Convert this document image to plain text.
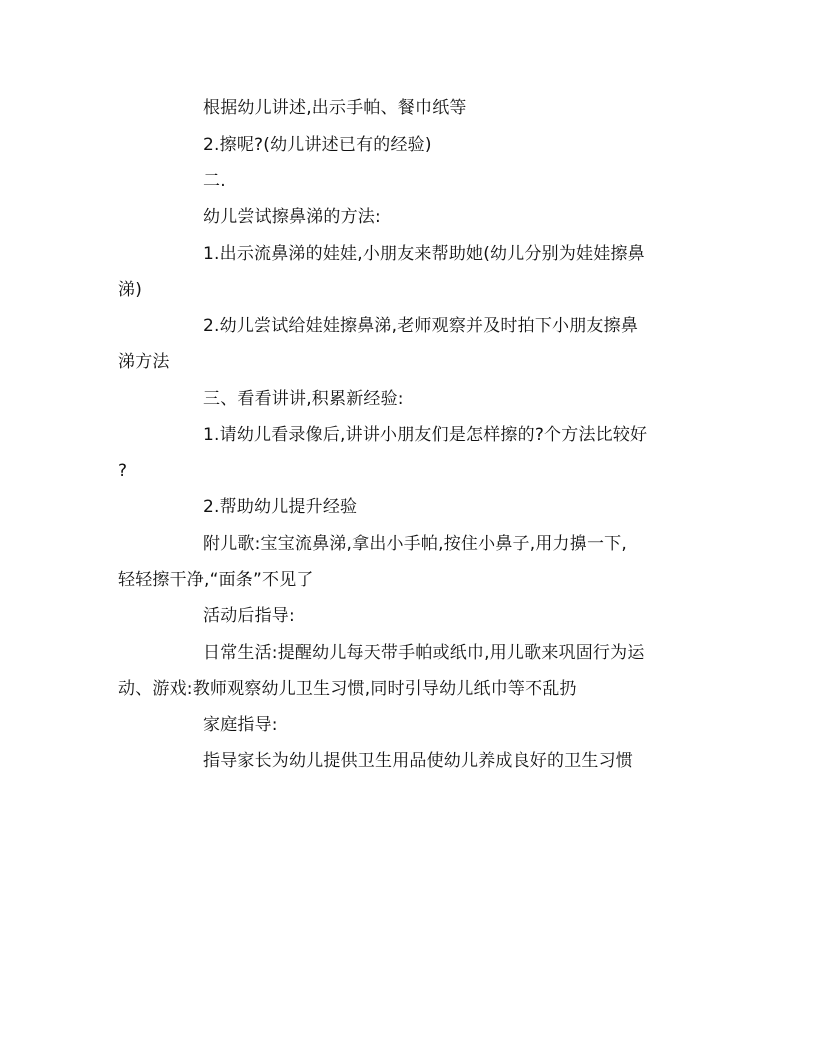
根据幼儿讲述,出示手帕、餐巾纸等
2.擦呢?(幼儿讲述已有的经验)
二.
幼儿尝试擦鼻涕的方法:
1.出示流鼻涕的娃娃,小朋友来帮助她(幼儿分别为娃娃擦鼻
涕)
2.幼儿尝试给娃娃擦鼻涕,老师观察并及时拍下小朋友擦鼻
涕方法
三、看看讲讲,积累新经验:
1.请幼儿看录像后,讲讲小朋友们是怎样擦的?个方法比较好
?
2.帮助幼儿提升经验
附儿歌:宝宝流鼻涕,拿出小手帕,按住小鼻子,用力擤一下,
轻轻擦干净,“面条”不见了
活动后指导:
日常生活:提醒幼儿每天带手帕或纸巾,用儿歌来巩固行为运
动、游戏:教师观察幼儿卫生习惯,同时引导幼儿纸巾等不乱扔
家庭指导:
指导家长为幼儿提供卫生用品使幼儿养成良好的卫生习惯
